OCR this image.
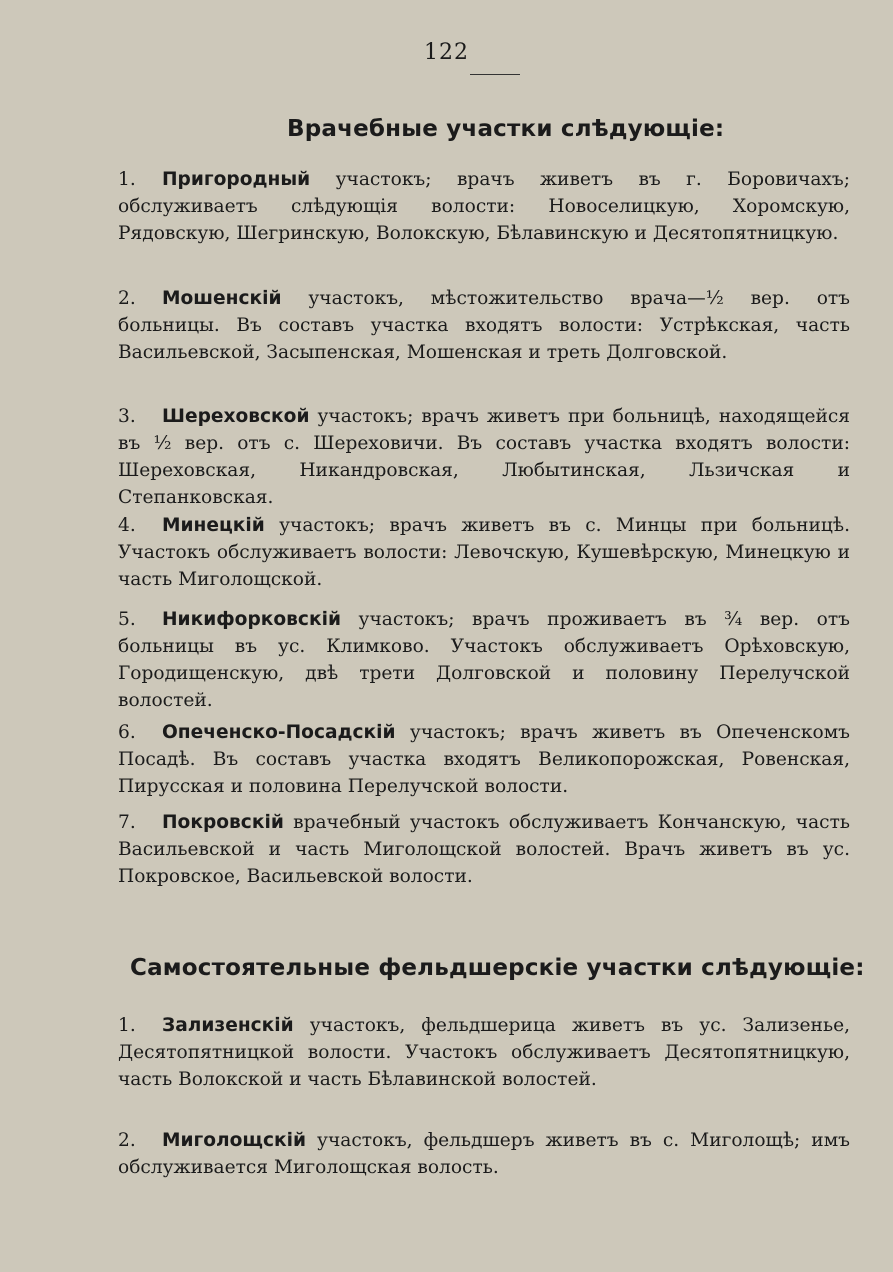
122
Врачебные участки слѣдующіе:
1. Пригородный участокъ; врачъ живетъ въ г. Боровичахъ; обслуживаетъ слѣдующія волости: Новоселицкую, Хоромскую, Рядовскую, Шегринскую, Волокскую, Бѣлавинскую и Десятопятницкую.
2. Мошенскій участокъ, мѣстожительство врача—½ вер. отъ больницы. Въ составъ участка входятъ волости: Устрѣкская, часть Васильевской, Засыпенская, Мошенская и треть Долговской.
3. Шереховской участокъ; врачъ живетъ при больницѣ, находящейся въ ½ вер. отъ с. Шереховичи. Въ составъ участка входятъ волости: Шереховская, Никандровская, Любытинская, Льзичская и Степанковская.
4. Минецкій участокъ; врачъ живетъ въ с. Минцы при больницѣ. Участокъ обслуживаетъ волости: Левочскую, Кушевѣрскую, Минецкую и часть Миголощской.
5. Никифорковскій участокъ; врачъ проживаетъ въ ¾ вер. отъ больницы въ ус. Климково. Участокъ обслуживаетъ Орѣховскую, Городищенскую, двѣ трети Долговской и половину Перелучской волостей.
6. Опеченско-Посадскій участокъ; врачъ живетъ въ Опеченскомъ Посадѣ. Въ составъ участка входятъ Великопорожская, Ровенская, Пирусская и половина Перелучской волости.
7. Покровскій врачебный участокъ обслуживаетъ Кончанскую, часть Васильевской и часть Миголощской волостей. Врачъ живетъ въ ус. Покровское, Васильевской волости.
Самостоятельные фельдшерскіе участки слѣдующіе:
1. Зализенскій участокъ, фельдшерица живетъ въ ус. Зализенье, Десятопятницкой волости. Участокъ обслуживаетъ Десятопятницкую, часть Волокской и часть Бѣлавинской волостей.
2. Миголощскій участокъ, фельдшеръ живетъ въ с. Миголощѣ; имъ обслуживается Миголощская волость.
